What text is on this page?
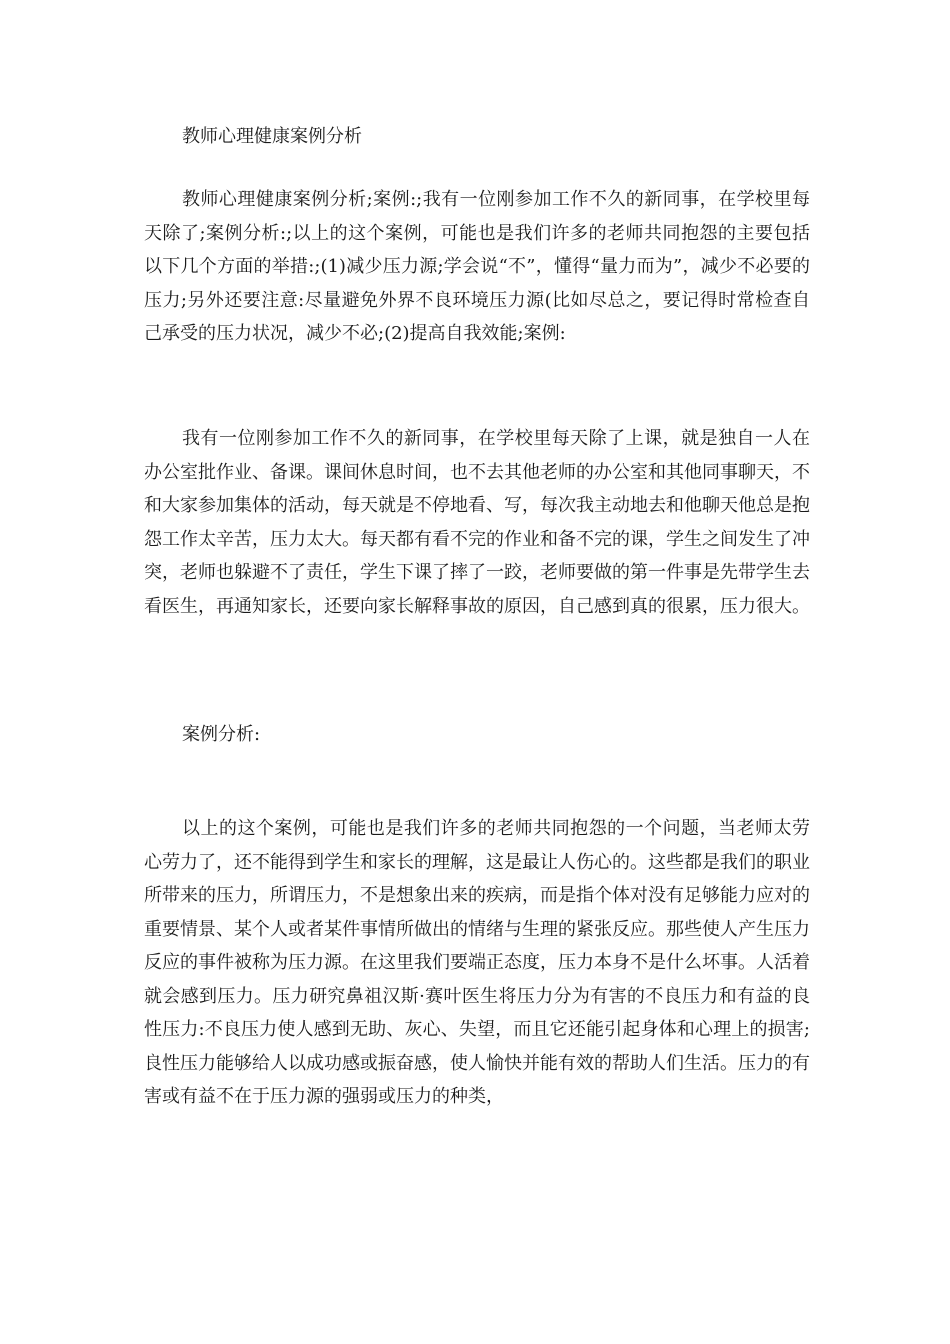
教师心理健康案例分析

教师心理健康案例分析;案例:;我有一位刚参加工作不久的新同事，在学校里每天除了;案例分析:;以上的这个案例，可能也是我们许多的老师共同抱怨的主要包括以下几个方面的举措:;(1)减少压力源;学会说“不”，懂得“量力而为”，减少不必要的压力;另外还要注意:尽量避免外界不良环境压力源(比如尽总之，要记得时常检查自己承受的压力状况，减少不必;(2)提高自我效能;案例:

我有一位刚参加工作不久的新同事，在学校里每天除了上课，就是独自一人在办公室批作业、备课。课间休息时间，也不去其他老师的办公室和其他同事聊天，不和大家参加集体的活动，每天就是不停地看、写，每次我主动地去和他聊天他总是抱怨工作太辛苦，压力太大。每天都有看不完的作业和备不完的课，学生之间发生了冲突，老师也躲避不了责任，学生下课了摔了一跤，老师要做的第一件事是先带学生去看医生，再通知家长，还要向家长解释事故的原因，自己感到真的很累，压力很大。

案例分析:

以上的这个案例，可能也是我们许多的老师共同抱怨的一个问题，当老师太劳心劳力了，还不能得到学生和家长的理解，这是最让人伤心的。这些都是我们的职业所带来的压力，所谓压力，不是想象出来的疾病，而是指个体对没有足够能力应对的重要情景、某个人或者某件事情所做出的情绪与生理的紧张反应。那些使人产生压力反应的事件被称为压力源。在这里我们要端正态度，压力本身不是什么坏事。人活着就会感到压力。压力研究鼻祖汉斯·赛叶医生将压力分为有害的不良压力和有益的良性压力:不良压力使人感到无助、灰心、失望，而且它还能引起身体和心理上的损害;良性压力能够给人以成功感或振奋感，使人愉快并能有效的帮助人们生活。压力的有害或有益不在于压力源的强弱或压力的种类，
